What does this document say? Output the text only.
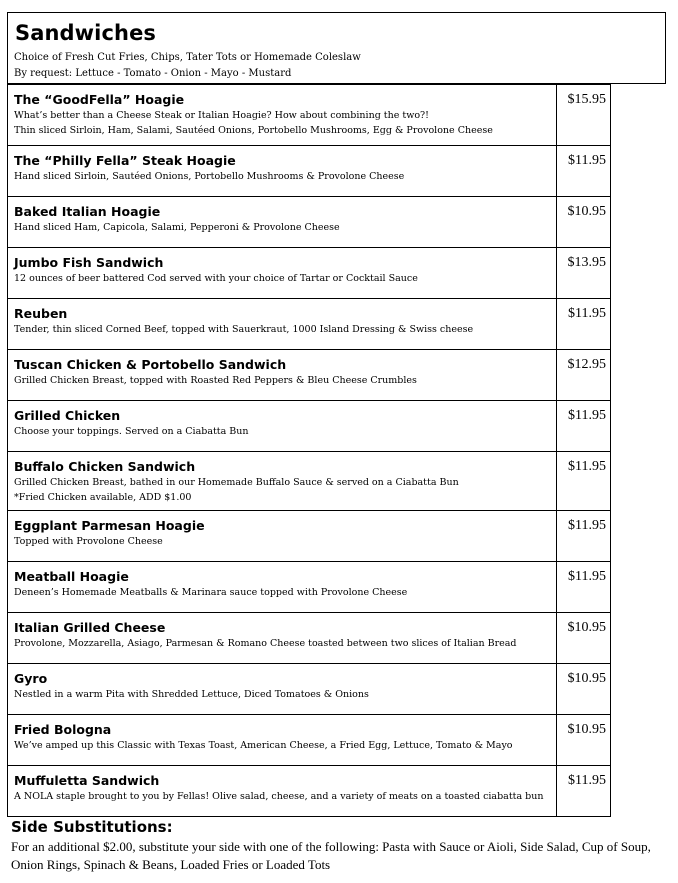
Sandwiches
Choice of Fresh Cut Fries, Chips, Tater Tots or Homemade Coleslaw
By request: Lettuce - Tomato - Onion - Mayo - Mustard
The “GoodFella” Hoagie
What’s better than a Cheese Steak or Italian Hoagie? How about combining the two?!
Thin sliced Sirloin, Ham, Salami, Sautéed Onions, Portobello Mushrooms, Egg & Provolone Cheese	$15.95

The “Philly Fella” Steak Hoagie
Hand sliced Sirloin, Sautéed Onions, Portobello Mushrooms & Provolone Cheese	$11.95

Baked Italian Hoagie
Hand sliced Ham, Capicola, Salami, Pepperoni & Provolone Cheese	$10.95

Jumbo Fish Sandwich
12 ounces of beer battered Cod served with your choice of Tartar or Cocktail Sauce	$13.95

Reuben
Tender, thin sliced Corned Beef, topped with Sauerkraut, 1000 Island Dressing & Swiss cheese	$11.95

Tuscan Chicken & Portobello Sandwich
Grilled Chicken Breast, topped with Roasted Red Peppers & Bleu Cheese Crumbles	$12.95

Grilled Chicken
Choose your toppings. Served on a Ciabatta Bun	$11.95

Buffalo Chicken Sandwich
Grilled Chicken Breast, bathed in our Homemade Buffalo Sauce & served on a Ciabatta Bun
*Fried Chicken available, ADD $1.00	$11.95

Eggplant Parmesan Hoagie
Topped with Provolone Cheese	$11.95

Meatball Hoagie
Deneen’s Homemade Meatballs & Marinara sauce topped with Provolone Cheese	$11.95

Italian Grilled Cheese
Provolone, Mozzarella, Asiago, Parmesan & Romano Cheese toasted between two slices of Italian Bread	$10.95

Gyro
Nestled in a warm Pita with Shredded Lettuce, Diced Tomatoes & Onions	$10.95

Fried Bologna
We’ve amped up this Classic with Texas Toast, American Cheese, a Fried Egg, Lettuce, Tomato & Mayo	$10.95

Muffuletta Sandwich
A NOLA staple brought to you by Fellas! Olive salad, cheese, and a variety of meats on a toasted ciabatta bun	$11.95
Side Substitutions:
For an additional $2.00, substitute your side with one of the following: Pasta with Sauce or Aioli, Side Salad, Cup of Soup, Onion Rings, Spinach & Beans, Loaded Fries or Loaded Tots
